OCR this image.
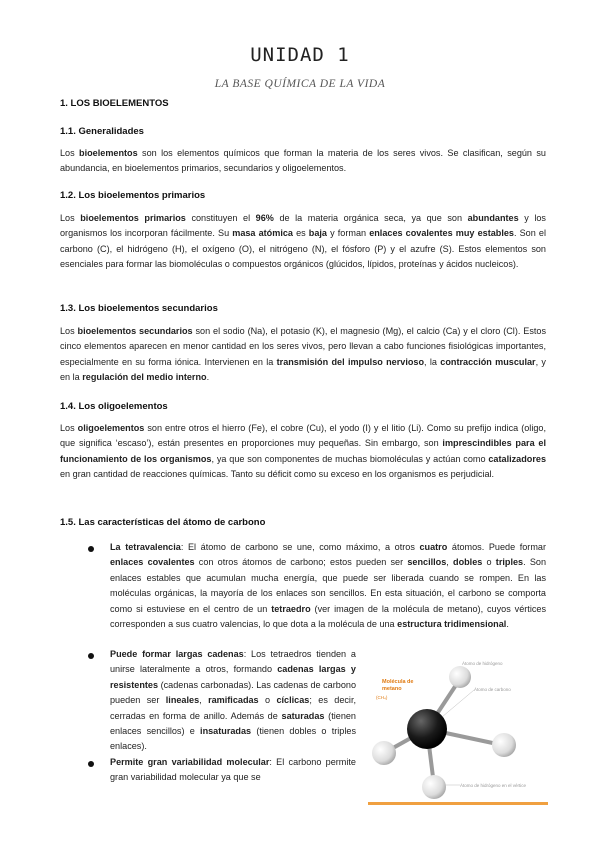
UNIDAD 1
LA BASE QUÍMICA DE LA VIDA
1. LOS BIOELEMENTOS
1.1. Generalidades
Los bioelementos son los elementos químicos que forman la materia de los seres vivos. Se clasifican, según su abundancia, en bioelementos primarios, secundarios y oligoelementos.
1.2. Los bioelementos primarios
Los bioelementos primarios constituyen el 96% de la materia orgánica seca, ya que son abundantes y los organismos los incorporan fácilmente. Su masa atómica es baja y forman enlaces covalentes muy estables. Son el carbono (C), el hidrógeno (H), el oxígeno (O), el nitrógeno (N), el fósforo (P) y el azufre (S). Estos elementos son esenciales para formar las biomoléculas o compuestos orgánicos (glúcidos, lípidos, proteínas y ácidos nucleicos).
1.3. Los bioelementos secundarios
Los bioelementos secundarios son el sodio (Na), el potasio (K), el magnesio (Mg), el calcio (Ca) y el cloro (Cl). Estos cinco elementos aparecen en menor cantidad en los seres vivos, pero llevan a cabo funciones fisiológicas importantes, especialmente en su forma iónica. Intervienen en la transmisión del impulso nervioso, la contracción muscular, y en la regulación del medio interno.
1.4. Los oligoelementos
Los oligoelementos son entre otros el hierro (Fe), el cobre (Cu), el yodo (I) y el litio (Li). Como su prefijo indica (oligo, que significa ‘escaso’), están presentes en proporciones muy pequeñas. Sin embargo, son imprescindibles para el funcionamiento de los organismos, ya que son componentes de muchas biomoléculas y actúan como catalizadores en gran cantidad de reacciones químicas. Tanto su déficit como su exceso en los organismos es perjudicial.
1.5. Las características del átomo de carbono
La tetravalencia: El átomo de carbono se une, como máximo, a otros cuatro átomos. Puede formar enlaces covalentes con otros átomos de carbono; estos pueden ser sencillos, dobles o triples. Son enlaces estables que acumulan mucha energía, que puede ser liberada cuando se rompen. En las moléculas orgánicas, la mayoría de los enlaces son sencillos. En esta situación, el carbono se comporta como si estuviese en el centro de un tetraedro (ver imagen de la molécula de metano), cuyos vértices corresponden a sus cuatro valencias, lo que dota a la molécula de una estructura tridimensional.
Puede formar largas cadenas: Los tetraedros tienden a unirse lateralmente a otros, formando cadenas largas y resistentes (cadenas carbonadas). Las cadenas de carbono pueden ser lineales, ramificadas o cíclicas; es decir, cerradas en forma de anillo. Además de saturadas (tienen enlaces sencillos) e insaturadas (tienen dobles o triples enlaces).
Permite gran variabilidad molecular: El carbono permite gran variabilidad molecular ya que se
Molécula de
metano
(CH₄)
Átomo de hidrógeno
Átomo de carbono
Átomo de hidrógeno en el vértice
